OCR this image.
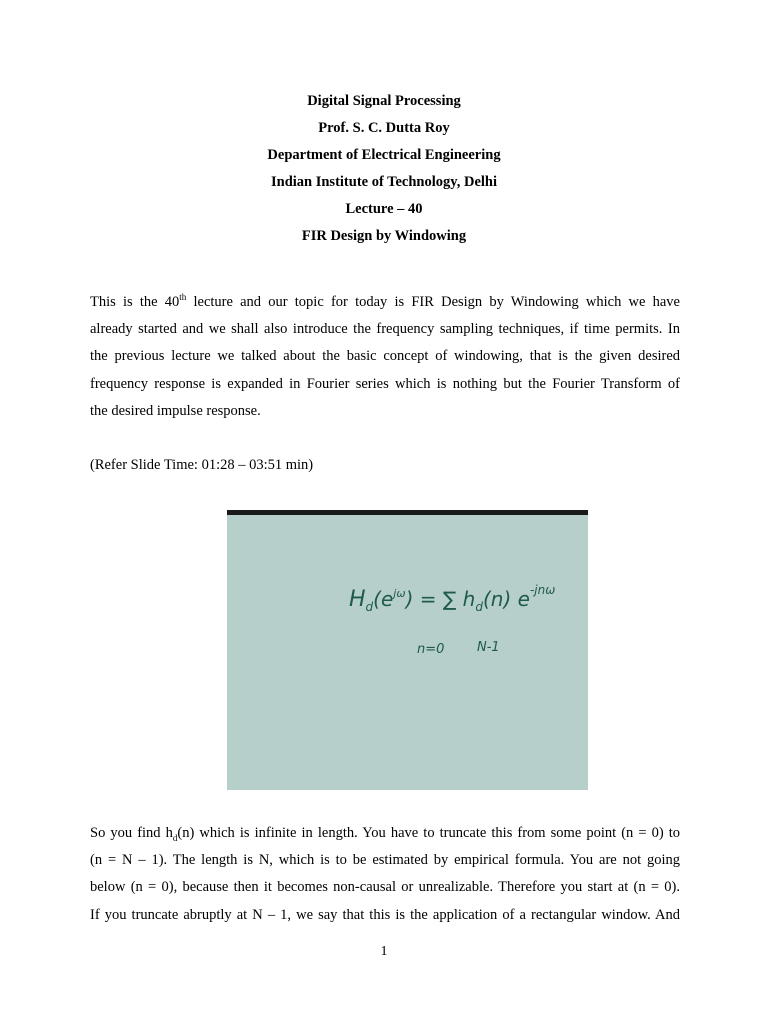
Digital Signal Processing
Prof. S. C. Dutta Roy
Department of Electrical Engineering
Indian Institute of Technology, Delhi
Lecture – 40
FIR Design by Windowing
This is the 40th lecture and our topic for today is FIR Design by Windowing which we have
already started and we shall also introduce the frequency sampling techniques, if time permits. In
the previous lecture we talked about the basic concept of windowing, that is the given desired
frequency response is expanded in Fourier series which is nothing but the Fourier Transform of
the desired impulse response.
(Refer Slide Time: 01:28 – 03:51 min)
$H_d(e^{j\omega})$ = ∑ $h_d(n)$ $e^{-jn\omega}$
n=0	N-1
So you find $h_d(n)$ which is infinite in length. You have to truncate this from some point (n = 0) to
(n = N – 1). The length is N, which is to be estimated by empirical formula. You are not going
below (n = 0), because then it becomes non-causal or unrealizable. Therefore you start at (n = 0).
If you truncate abruptly at N – 1, we say that this is the application of a rectangular window. And
1
